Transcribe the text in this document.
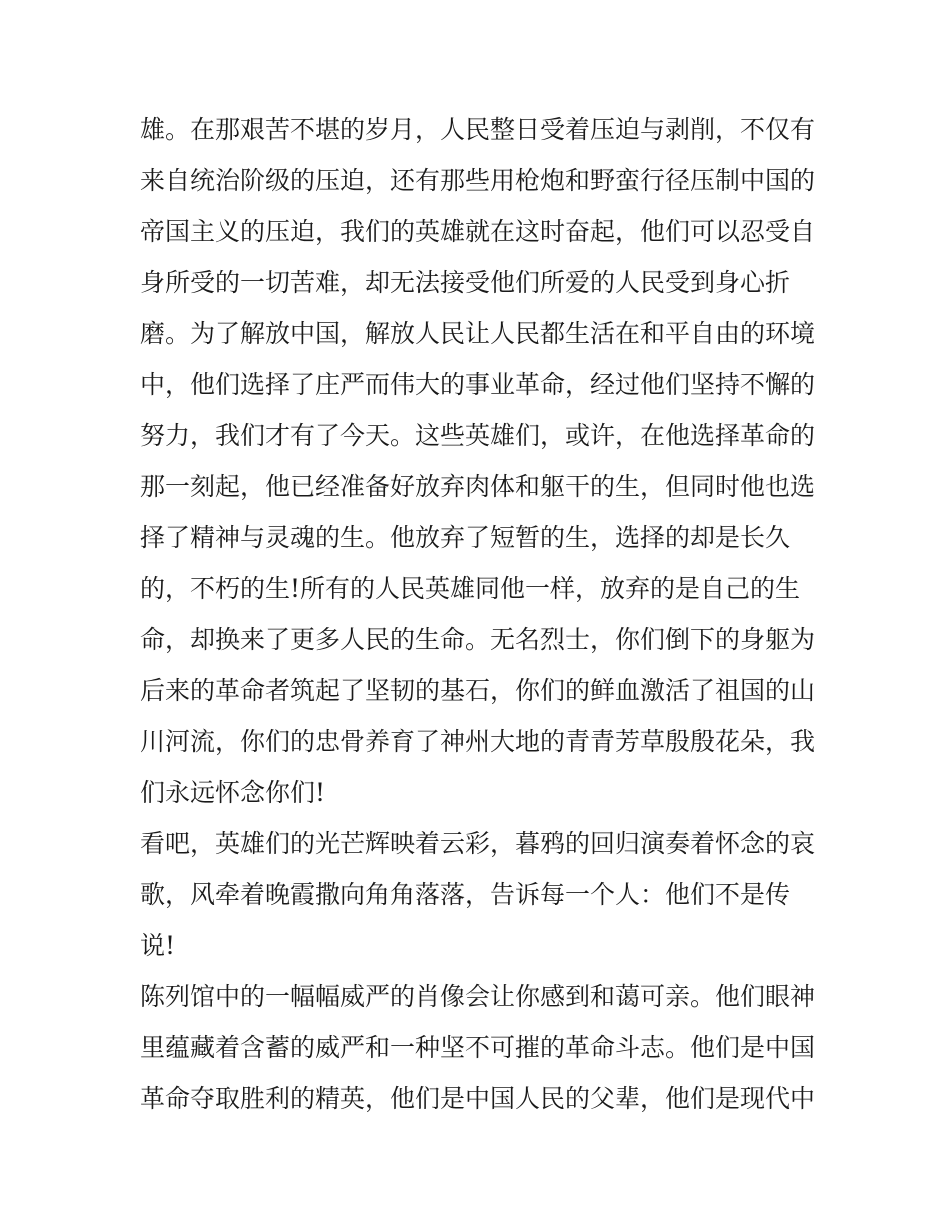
雄。在那艰苦不堪的岁月，人民整日受着压迫与剥削，不仅有
来自统治阶级的压迫，还有那些用枪炮和野蛮行径压制中国的
帝国主义的压迫，我们的英雄就在这时奋起，他们可以忍受自
身所受的一切苦难，却无法接受他们所爱的人民受到身心折
磨。为了解放中国，解放人民让人民都生活在和平自由的环境
中，他们选择了庄严而伟大的事业革命，经过他们坚持不懈的
努力，我们才有了今天。这些英雄们，或许，在他选择革命的
那一刻起，他已经准备好放弃肉体和躯干的生，但同时他也选
择了精神与灵魂的生。他放弃了短暂的生，选择的却是长久
的，不朽的生!所有的人民英雄同他一样，放弃的是自己的生
命，却换来了更多人民的生命。无名烈士，你们倒下的身躯为
后来的革命者筑起了坚韧的基石，你们的鲜血激活了祖国的山
川河流，你们的忠骨养育了神州大地的青青芳草殷殷花朵，我
们永远怀念你们!
看吧，英雄们的光芒辉映着云彩，暮鸦的回归演奏着怀念的哀
歌，风牵着晚霞撒向角角落落，告诉每一个人：他们不是传
说!
陈列馆中的一幅幅威严的肖像会让你感到和蔼可亲。他们眼神
里蕴藏着含蓄的威严和一种坚不可摧的革命斗志。他们是中国
革命夺取胜利的精英，他们是中国人民的父辈，他们是现代中
